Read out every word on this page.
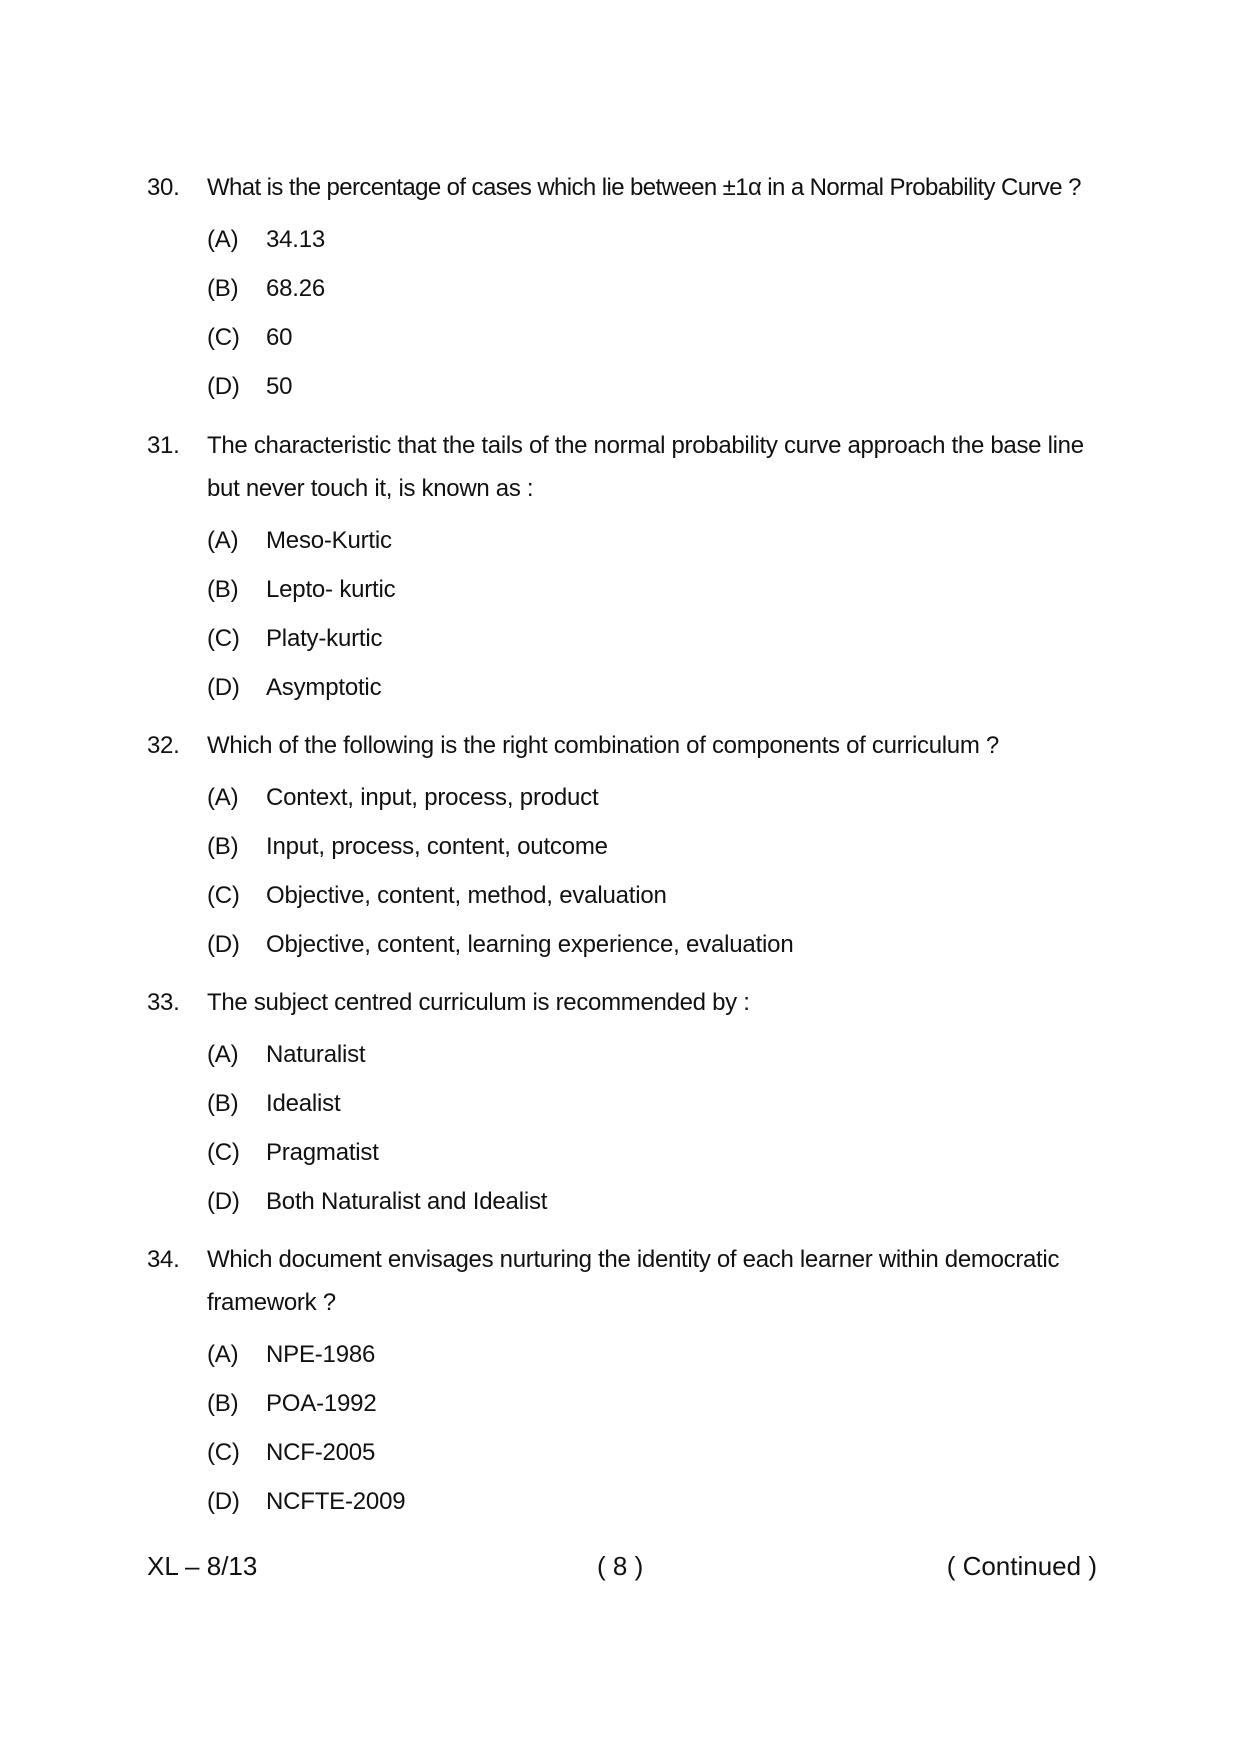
30. What is the percentage of cases which lie between ±1α in a Normal Probability Curve ?
(A) 34.13
(B) 68.26
(C) 60
(D) 50
31. The characteristic that the tails of the normal probability curve approach the base line but never touch it, is known as :
(A) Meso-Kurtic
(B) Lepto- kurtic
(C) Platy-kurtic
(D) Asymptotic
32. Which of the following is the right combination of components of curriculum ?
(A) Context, input, process, product
(B) Input, process, content, outcome
(C) Objective, content, method, evaluation
(D) Objective, content, learning experience, evaluation
33. The subject centred curriculum is recommended by :
(A) Naturalist
(B) Idealist
(C) Pragmatist
(D) Both Naturalist and Idealist
34. Which document envisages nurturing the identity of each learner within democratic framework ?
(A) NPE-1986
(B) POA-1992
(C) NCF-2005
(D) NCFTE-2009
XL – 8/13	( 8 )	( Continued )
